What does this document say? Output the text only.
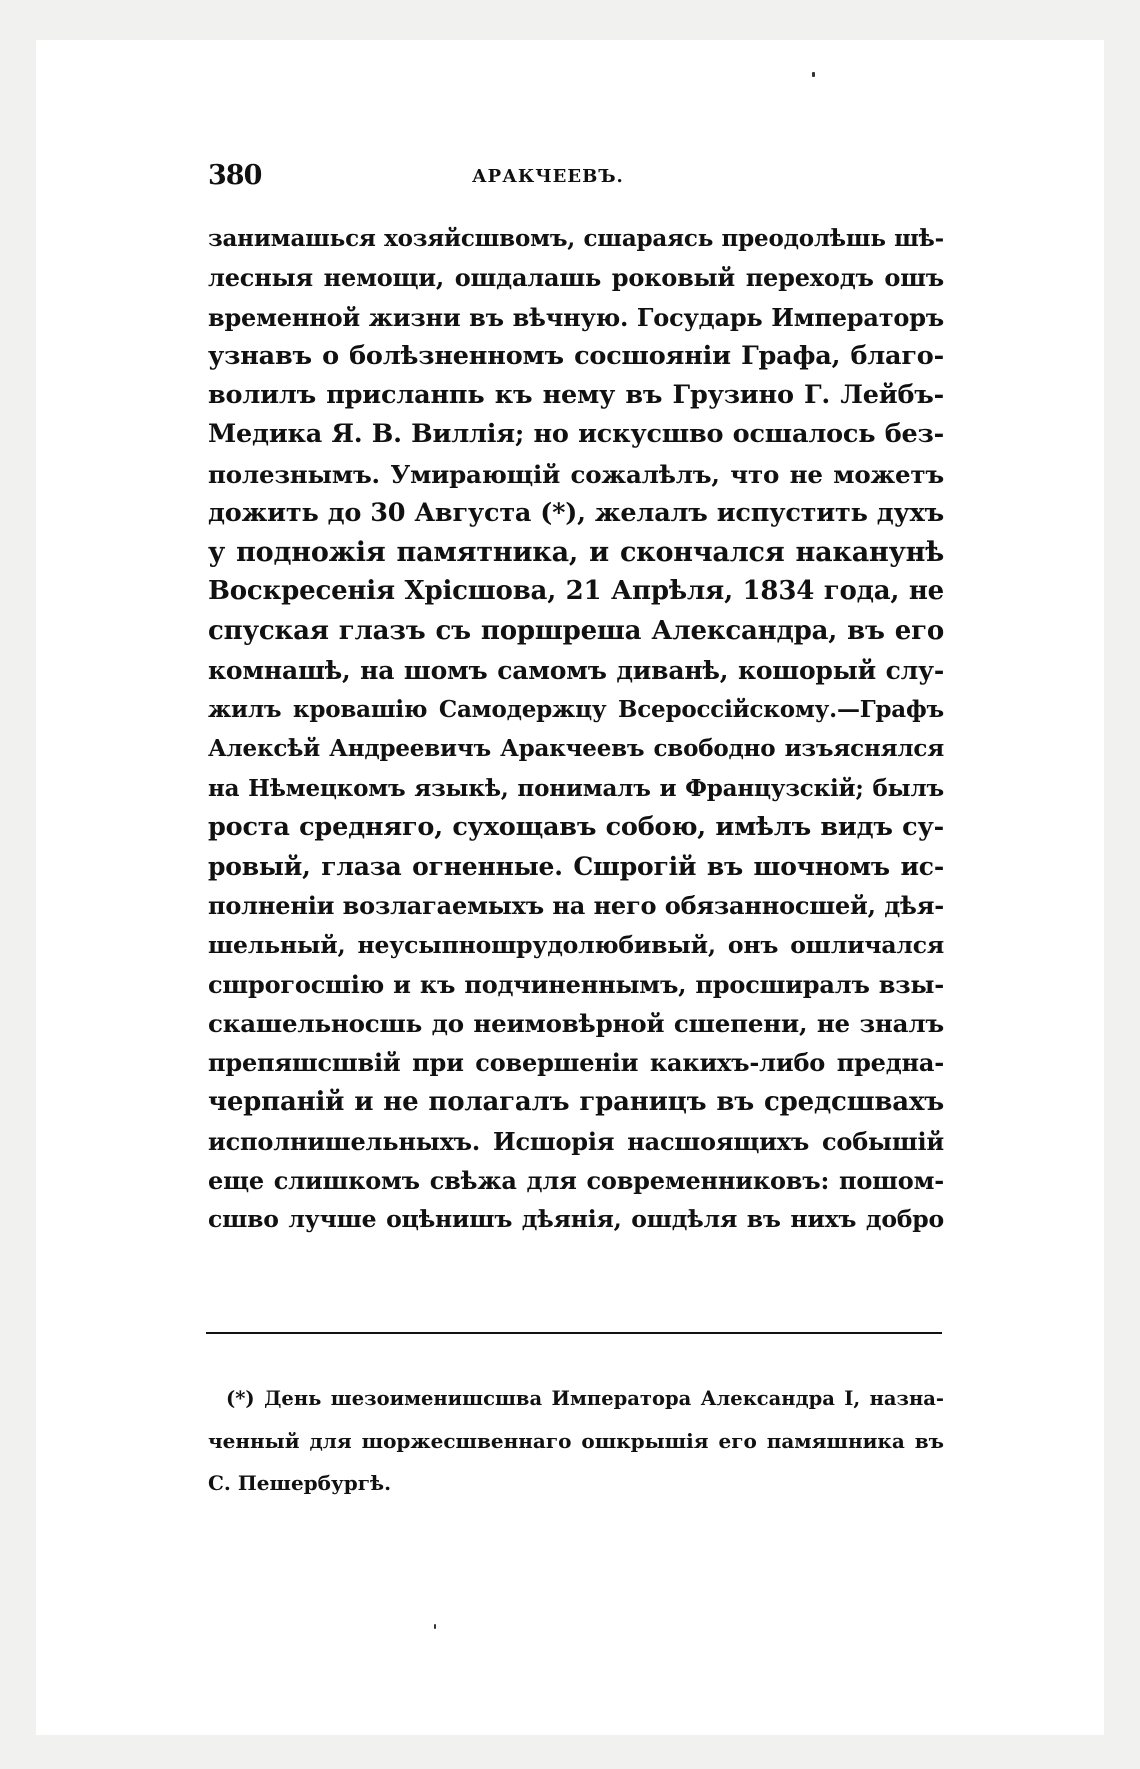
380	АРАКЧЕЕВЪ.
занимашься хозяйсшвомъ, сшараясь преодолѣшь шѣ-
лесныя немощи, ошдалашь роковый переходъ ошъ
временной жизни въ вѣчную. Государь Императоръ
узнавъ о болѣзненномъ сосшояніи Графа, благо-
волилъ присланпь къ нему въ Грузино Г. Лейбъ-
Медика Я. В. Виллія; но искусшво осшалось без-
полезнымъ. Умирающій сожалѣлъ, что не можетъ
дожить до 30 Августа (*), желалъ испустить духъ
у подножія памятника, и скончался наканунѣ
Воскресенія Хрісшова, 21 Апрѣля, 1834 года, не
спуская глазъ съ поршреша Александра, въ его
комнашѣ, на шомъ самомъ диванѣ, кошорый слу-
жилъ кровашію Самодержцу Всероссійскому.—Графъ
Алексѣй Андреевичъ Аракчеевъ свободно изъяснялся
на Нѣмецкомъ языкѣ, понималъ и Французскій; былъ
роста средняго, сухощавъ собою, имѣлъ видъ су-
ровый, глаза огненные. Сшрогій въ шочномъ ис-
полненіи возлагаемыхъ на него обязанносшей, дѣя-
шельный, неусыпношрудолюбивый, онъ ошличался
сшрогосшію и къ подчиненнымъ, просширалъ взы-
скашельносшь до неимовѣрной сшепени, не зналъ
препяшсшвій при совершеніи какихъ-либо предна-
черпаній и не полагалъ границъ въ средсшвахъ
исполнишельныхъ. Исшорія насшоящихъ собышій
еще слишкомъ свѣжа для современниковъ: пошом-
сшво лучше оцѣнишъ дѣянія, ошдѣля въ нихъ добро
(*) День шезоименишсшва Императора Александра I, назна-
ченный для шоржесшвеннаго ошкрышія его памяшника въ
С. Пешербургѣ.
